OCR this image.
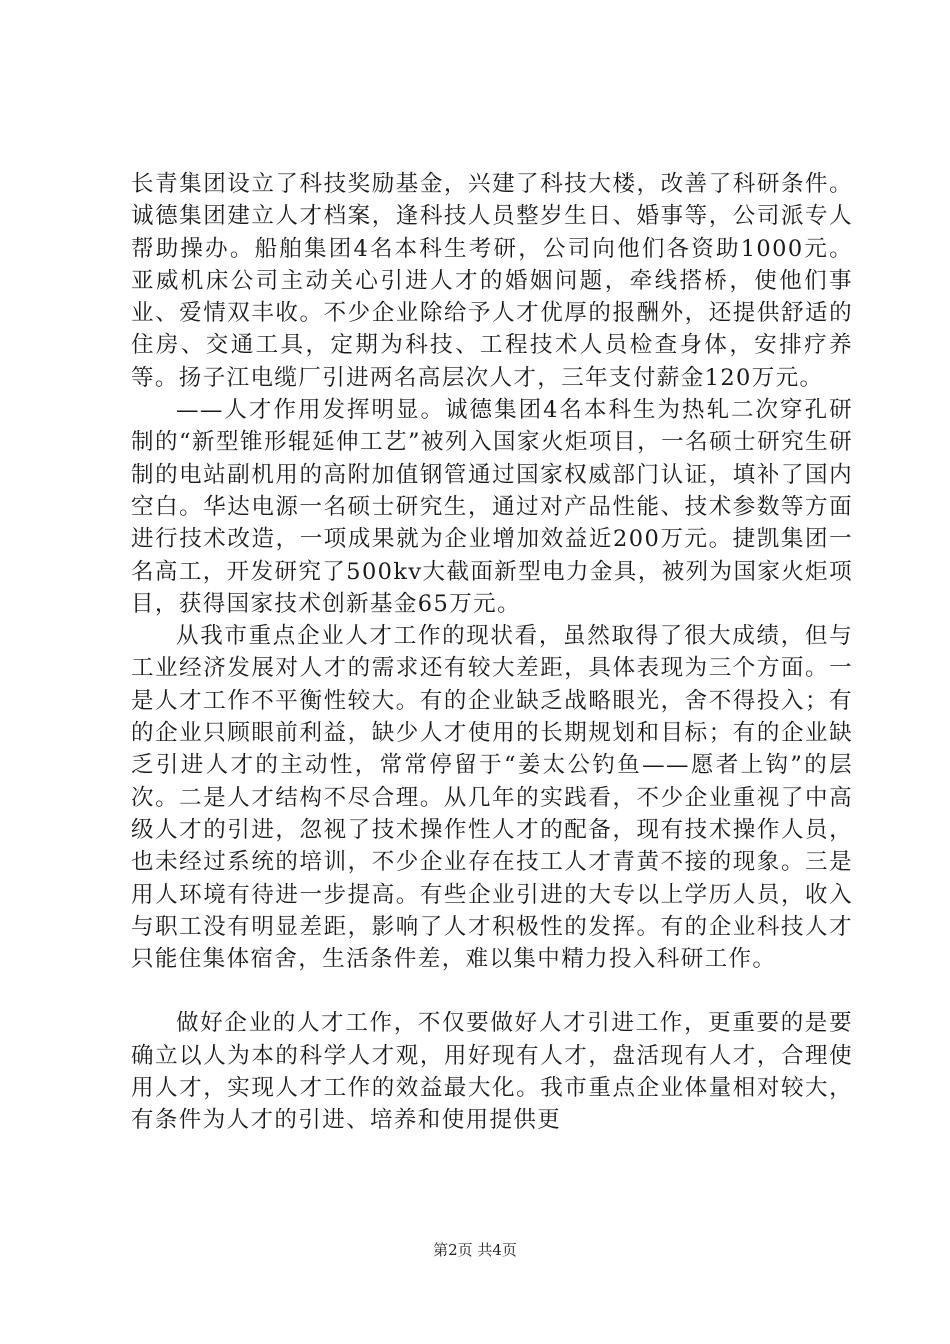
长青集团设立了科技奖励基金，兴建了科技大楼，改善了科研条件。诚德集团建立人才档案，逢科技人员整岁生日、婚事等，公司派专人帮助操办。船舶集团4名本科生考研，公司向他们各资助1000元。亚威机床公司主动关心引进人才的婚姻问题，牵线搭桥，使他们事业、爱情双丰收。不少企业除给予人才优厚的报酬外，还提供舒适的住房、交通工具，定期为科技、工程技术人员检查身体，安排疗养等。扬子江电缆厂引进两名高层次人才，三年支付薪金120万元。

——人才作用发挥明显。诚德集团4名本科生为热轧二次穿孔研制的“新型锥形辊延伸工艺”被列入国家火炬项目，一名硕士研究生研制的电站副机用的高附加值钢管通过国家权威部门认证，填补了国内空白。华达电源一名硕士研究生，通过对产品性能、技术参数等方面进行技术改造，一项成果就为企业增加效益近200万元。捷凯集团一名高工，开发研究了500kv大截面新型电力金具，被列为国家火炬项目，获得国家技术创新基金65万元。

从我市重点企业人才工作的现状看，虽然取得了很大成绩，但与工业经济发展对人才的需求还有较大差距，具体表现为三个方面。一是人才工作不平衡性较大。有的企业缺乏战略眼光，舍不得投入；有的企业只顾眼前利益，缺少人才使用的长期规划和目标；有的企业缺乏引进人才的主动性，常常停留于“姜太公钓鱼——愿者上钩”的层次。二是人才结构不尽合理。从几年的实践看，不少企业重视了中高级人才的引进，忽视了技术操作性人才的配备，现有技术操作人员，也未经过系统的培训，不少企业存在技工人才青黄不接的现象。三是用人环境有待进一步提高。有些企业引进的大专以上学历人员，收入与职工没有明显差距，影响了人才积极性的发挥。有的企业科技人才只能住集体宿舍，生活条件差，难以集中精力投入科研工作。

做好企业的人才工作，不仅要做好人才引进工作，更重要的是要确立以人为本的科学人才观，用好现有人才，盘活现有人才，合理使用人才，实现人才工作的效益最大化。我市重点企业体量相对较大，有条件为人才的引进、培养和使用提供更

第2页 共4页
